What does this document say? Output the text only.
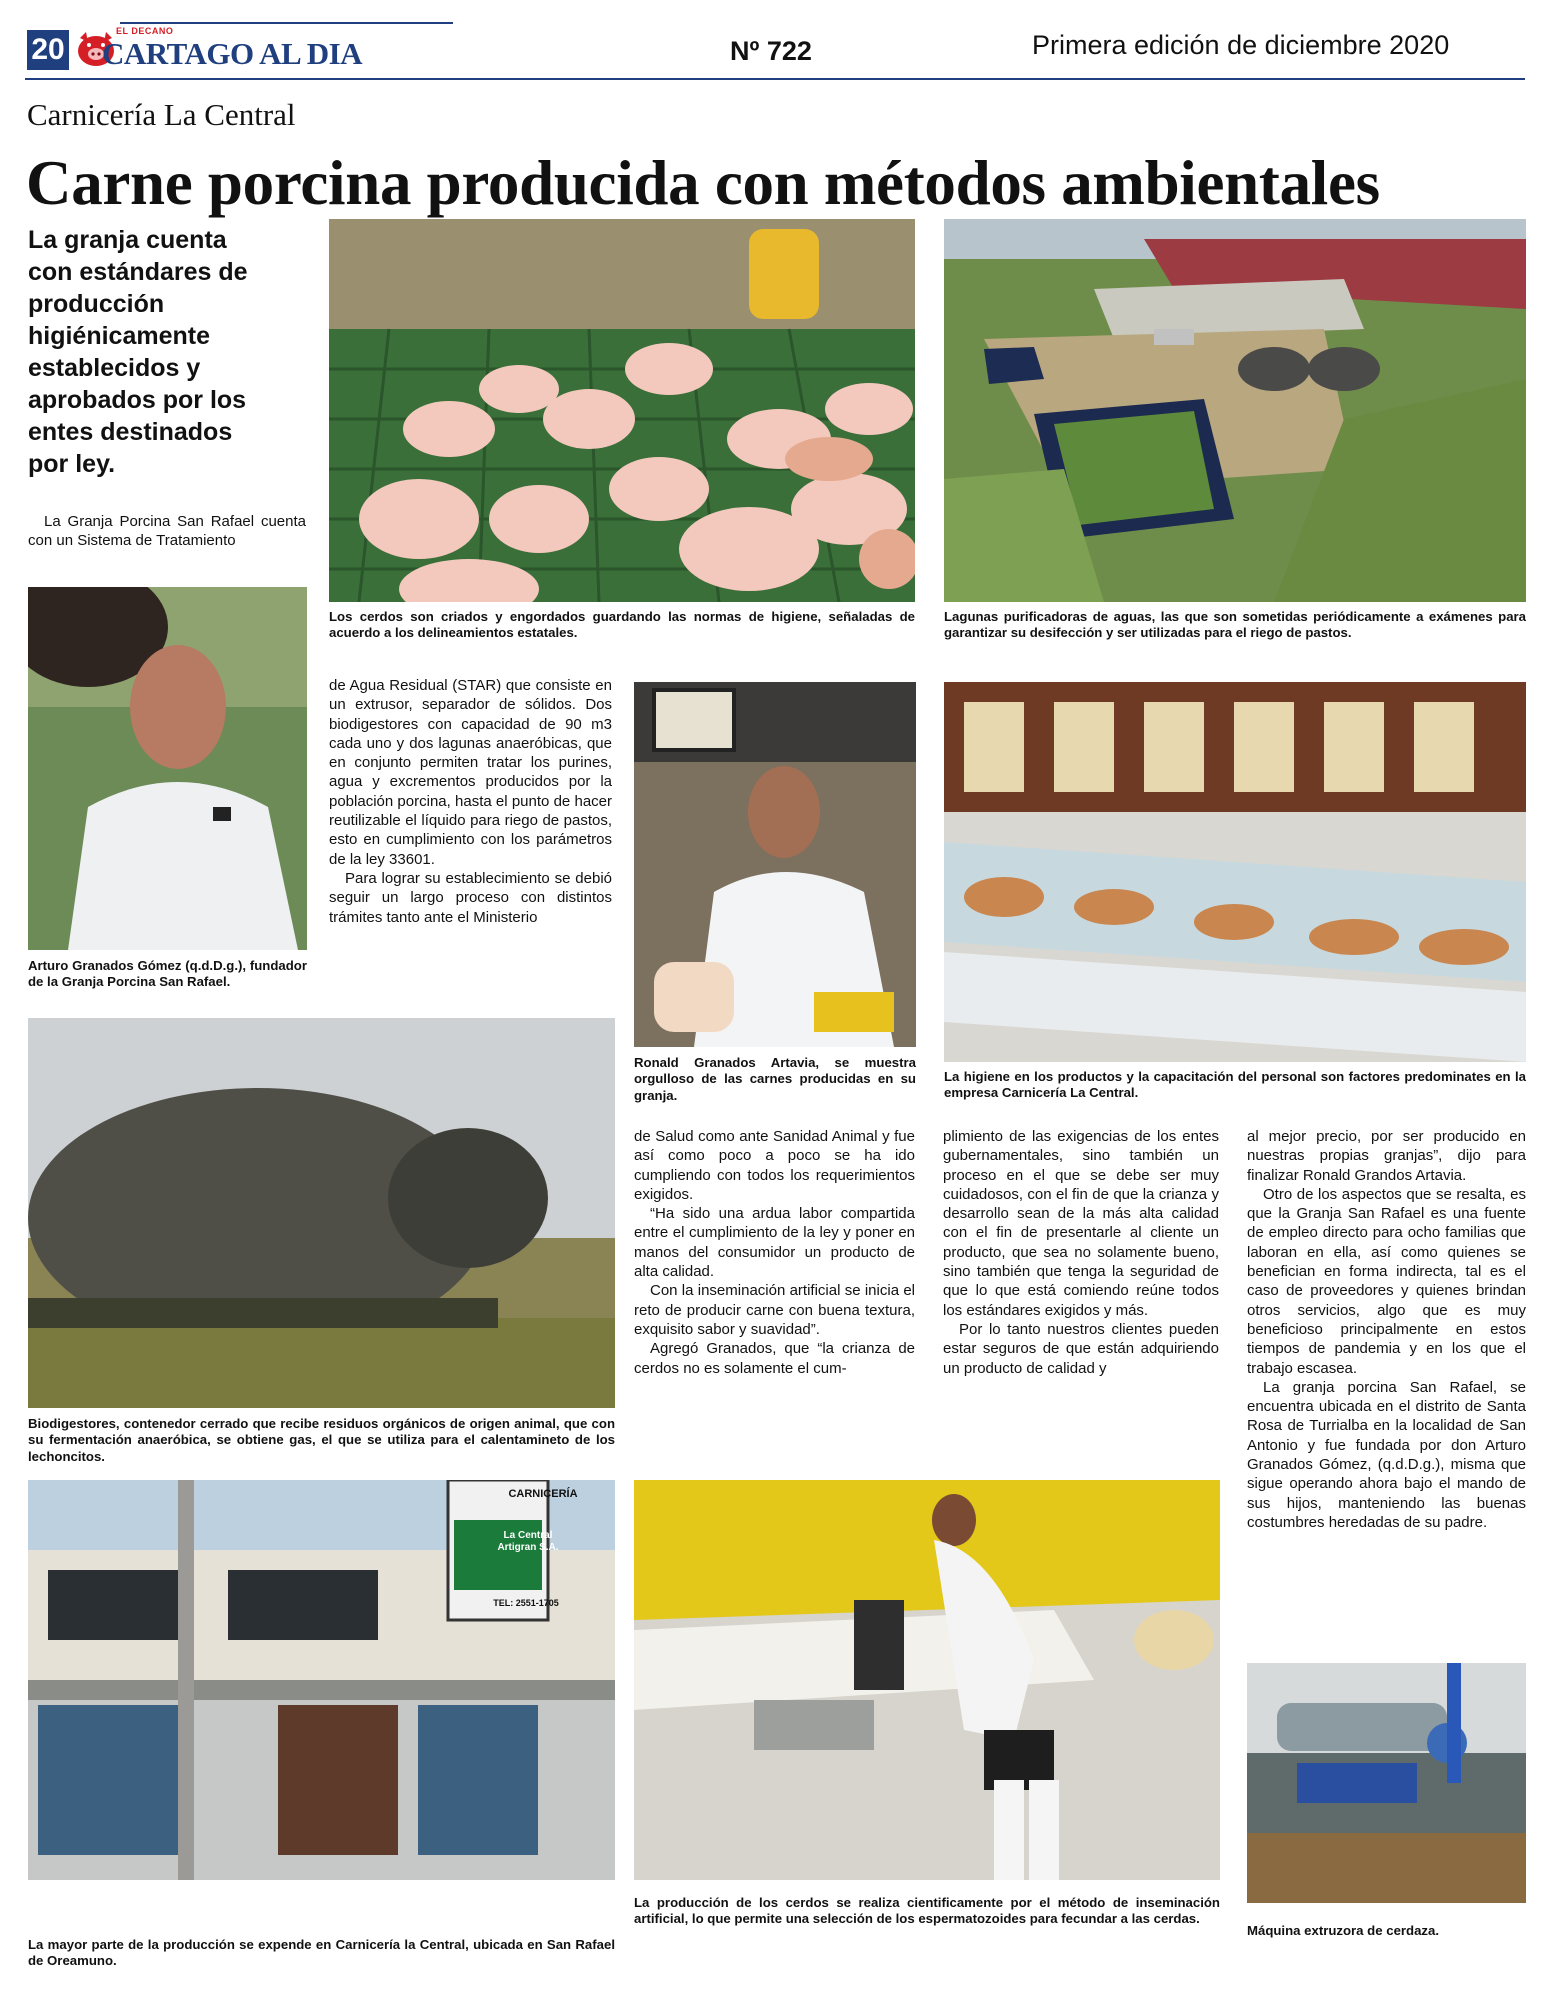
20
EL DECANO
CARTAGO AL DIA	Nº 722	Primera edición de diciembre 2020
Carnicería La Central
Carne porcina producida con métodos ambientales
La granja cuenta con estándares de producción higiénicamente establecidos y aprobados por los entes destinados por ley.

La Granja Porcina San Rafael cuenta con un Sistema de Tratamiento

Los cerdos son criados y engordados guardando las normas de higiene, señaladas de acuerdo a los delineamientos estatales.
Lagunas purificadoras de aguas, las que son sometidas periódicamente a exámenes para garantizar su desifección y ser utilizadas para el riego de pastos.
Arturo Granados Gómez (q.d.D.g.), fundador de la Granja Porcina San Rafael.

de Agua Residual (STAR) que consiste en un extrusor, separador de sólidos. Dos biodigestores con capacidad de 90 m3 cada uno y dos lagunas anaeróbicas, que en conjunto permiten tratar los purines, agua y excrementos producidos por la población porcina, hasta el punto de hacer reutilizable el líquido para riego de pastos, esto en cumplimiento con los parámetros de la ley 33601.

Para lograr su establecimiento se debió seguir un largo proceso con distintos trámites tanto ante el Ministerio

Ronald Granados Artavia, se muestra orgulloso de las carnes producidas en su granja.
La higiene en los productos y la capacitación del personal son factores predominates en la empresa Carnicería La Central.
Biodigestores, contenedor cerrado que recibe residuos orgánicos de origen animal, que con su fermentación anaeróbica, se obtiene gas, el que se utiliza para el calentamineto de los lechoncitos.

de Salud como ante Sanidad Animal y fue así como poco a poco se ha ido cumpliendo con todos los requerimientos exigidos.

“Ha sido una ardua labor compartida entre el cumplimiento de la ley y poner en manos del consumidor un producto de alta calidad.

Con la inseminación artificial se inicia el reto de producir carne con buena textura, exquisito sabor y suavidad”.

Agregó Granados, que “la crianza de cerdos no es solamente el cum-

plimiento de las exigencias de los entes gubernamentales, sino también un proceso en el que se debe ser muy cuidadosos, con el fin de que la crianza y desarrollo sean de la más alta calidad con el fin de presentarle al cliente un producto, que sea no solamente bueno, sino también que tenga la seguridad de que lo que está comiendo reúne todos los estándares exigidos y más.

Por lo tanto nuestros clientes pueden estar seguros de que están adquiriendo un producto de calidad y

al mejor precio, por ser producido en nuestras propias granjas”, dijo para finalizar Ronald Grandos Artavia.

Otro de los aspectos que se resalta, es que la Granja San Rafael es una fuente de empleo directo para ocho familias que laboran en ella, así como quienes se benefician en forma indirecta, tal es el caso de proveedores y quienes brindan otros servicios, algo que es muy beneficioso principalmente en estos tiempos de pandemia y en los que el trabajo escasea.

La granja porcina San Rafael, se encuentra ubicada en el distrito de Santa Rosa de Turrialba en la localidad de San Antonio y fue fundada por don Arturo Granados Gómez, (q.d.D.g.), misma que sigue operando ahora bajo el mando de sus hijos, manteniendo las buenas costumbres heredadas de su padre.

CARNICERÍA
La Central Artigran S.A.
TEL: 2551-1705
La mayor parte de la producción se expende en Carnicería la Central, ubicada en San Rafael de Oreamuno.
La producción de los cerdos se realiza cientificamente por el método de inseminación artificial, lo que permite una selección de los espermatozoides para fecundar a las cerdas.
Máquina extruzora de cerdaza.
